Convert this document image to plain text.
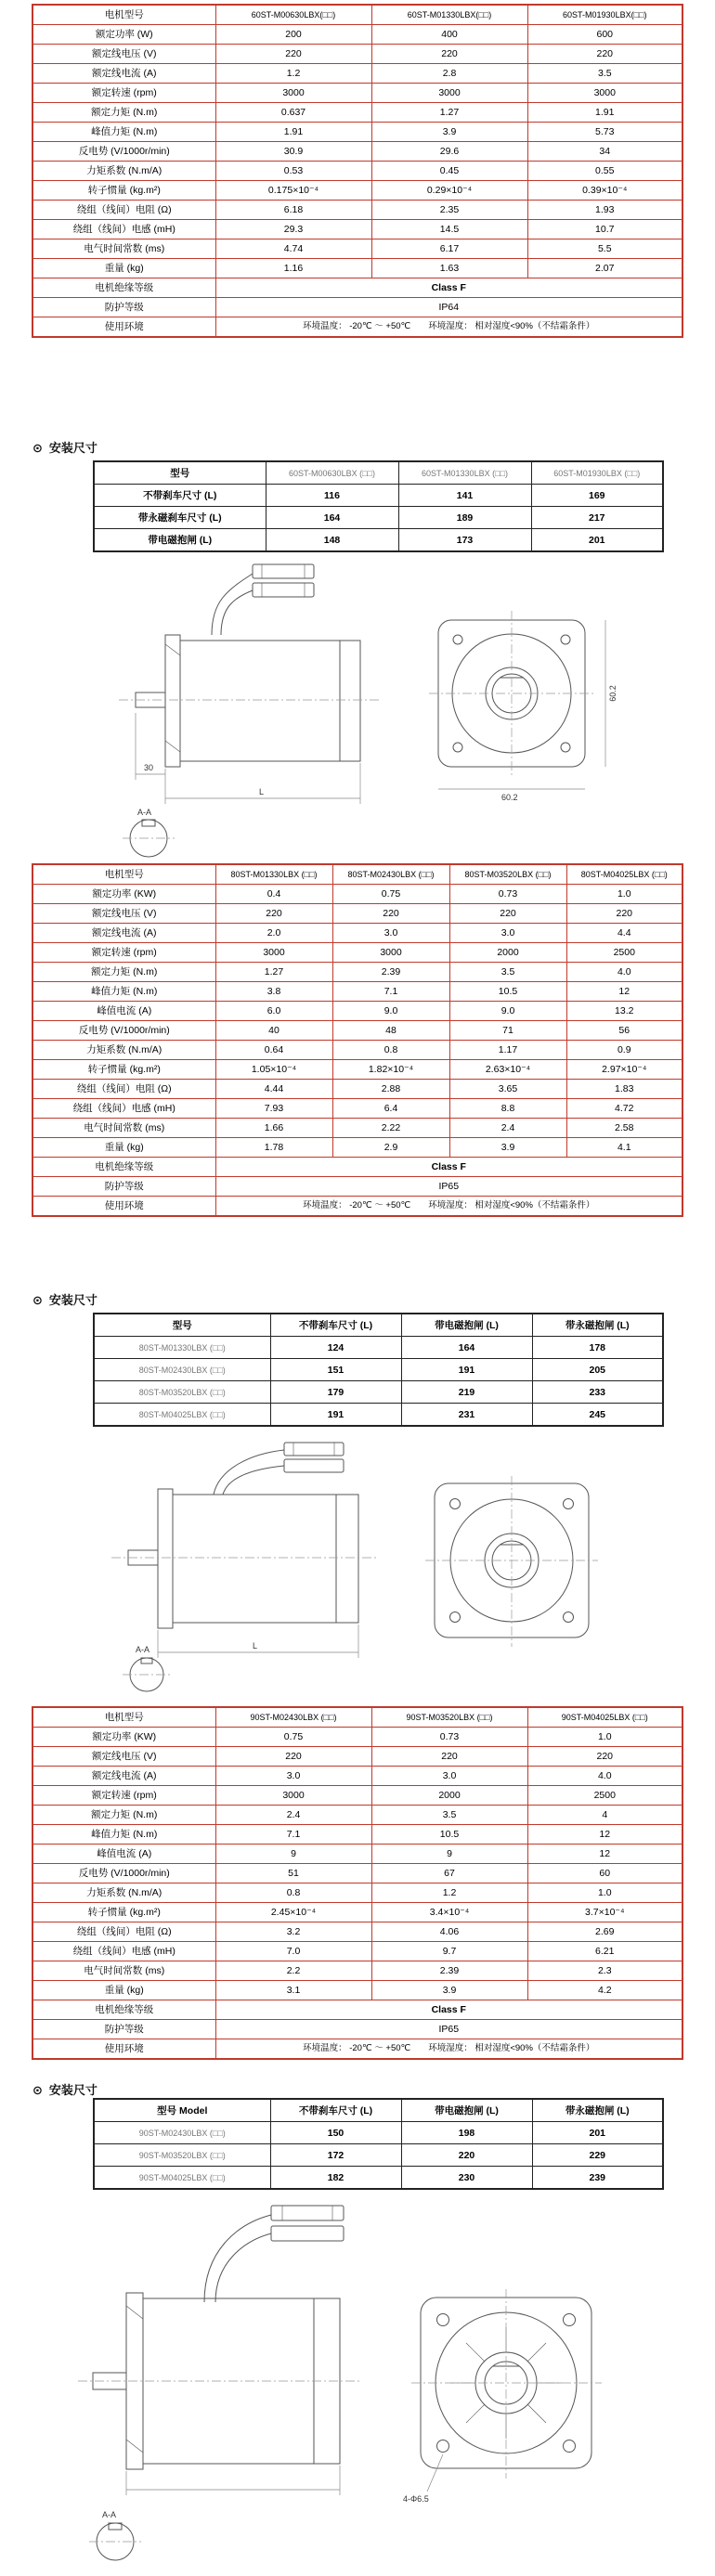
电机型号	60ST-M00630LBX(□□)	60ST-M01330LBX(□□)	60ST-M01930LBX(□□)
额定功率 (W)	200	400	600
额定线电压 (V)	220	220	220
额定线电流 (A)	1.2	2.8	3.5
额定转速 (rpm)	3000	3000	3000
额定力矩 (N.m)	0.637	1.27	1.91
峰值力矩 (N.m)	1.91	3.9	5.73
反电势 (V/1000r/min)	30.9	29.6	34
力矩系数 (N.m/A)	0.53	0.45	0.55
转子惯量 (kg.m²)	0.175×10⁻⁴	0.29×10⁻⁴	0.39×10⁻⁴
绕组（线间）电阻 (Ω)	6.18	2.35	1.93
绕组（线间）电感 (mH)	29.3	14.5	10.7
电气时间常数 (ms)	4.74	6.17	5.5
重量 (kg)	1.16	1.63	2.07
电机绝缘等级	Class F		
防护等级	IP64		
使用环境	环境温度： -20℃ ～ +50℃　　环境湿度： 相对湿度<90%（不结霜条件）		
⊙ 安装尺寸
型号	60ST-M00630LBX (□□)	60ST-M01330LBX (□□)	60ST-M01930LBX (□□)
不带刹车尺寸 (L)	116	141	169
带永磁刹车尺寸 (L)	164	189	217
带电磁抱闸 (L)	148	173	201
30
L
60.2
60.2
A-A
电机型号	80ST-M01330LBX (□□)	80ST-M02430LBX (□□)	80ST-M03520LBX (□□)	80ST-M04025LBX (□□)
额定功率 (KW)	0.4	0.75	0.73	1.0
额定线电压 (V)	220	220	220	220
额定线电流 (A)	2.0	3.0	3.0	4.4
额定转速 (rpm)	3000	3000	2000	2500
额定力矩 (N.m)	1.27	2.39	3.5	4.0
峰值力矩 (N.m)	3.8	7.1	10.5	12
峰值电流 (A)	6.0	9.0	9.0	13.2
反电势 (V/1000r/min)	40	48	71	56
力矩系数 (N.m/A)	0.64	0.8	1.17	0.9
转子惯量 (kg.m²)	1.05×10⁻⁴	1.82×10⁻⁴	2.63×10⁻⁴	2.97×10⁻⁴
绕组（线间）电阻 (Ω)	4.44	2.88	3.65	1.83
绕组（线间）电感 (mH)	7.93	6.4	8.8	4.72
电气时间常数 (ms)	1.66	2.22	2.4	2.58
重量 (kg)	1.78	2.9	3.9	4.1
电机绝缘等级	Class F			
防护等级	IP65			
使用环境	环境温度： -20℃ ～ +50℃　　环境湿度： 相对湿度<90%（不结霜条件）			
⊙ 安装尺寸
型号	不带刹车尺寸 (L)	带电磁抱闸 (L)	带永磁抱闸 (L)
80ST-M01330LBX (□□)	124	164	178
80ST-M02430LBX (□□)	151	191	205
80ST-M03520LBX (□□)	179	219	233
80ST-M04025LBX (□□)	191	231	245
L
A-A
电机型号	90ST-M02430LBX (□□)	90ST-M03520LBX (□□)	90ST-M04025LBX (□□)
额定功率 (KW)	0.75	0.73	1.0
额定线电压 (V)	220	220	220
额定线电流 (A)	3.0	3.0	4.0
额定转速 (rpm)	3000	2000	2500
额定力矩 (N.m)	2.4	3.5	4
峰值力矩 (N.m)	7.1	10.5	12
峰值电流 (A)	9	9	12
反电势 (V/1000r/min)	51	67	60
力矩系数 (N.m/A)	0.8	1.2	1.0
转子惯量 (kg.m²)	2.45×10⁻⁴	3.4×10⁻⁴	3.7×10⁻⁴
绕组（线间）电阻 (Ω)	3.2	4.06	2.69
绕组（线间）电感 (mH)	7.0	9.7	6.21
电气时间常数 (ms)	2.2	2.39	2.3
重量 (kg)	3.1	3.9	4.2
电机绝缘等级	Class F		
防护等级	IP65		
使用环境	环境温度： -20℃ ～ +50℃　　环境湿度： 相对湿度<90%（不结霜条件）		
⊙ 安装尺寸
型号 Model	不带刹车尺寸 (L)	带电磁抱闸 (L)	带永磁抱闸 (L)
90ST-M02430LBX (□□)	150	198	201
90ST-M03520LBX (□□)	172	220	229
90ST-M04025LBX (□□)	182	230	239
4-Φ6.5
A-A
